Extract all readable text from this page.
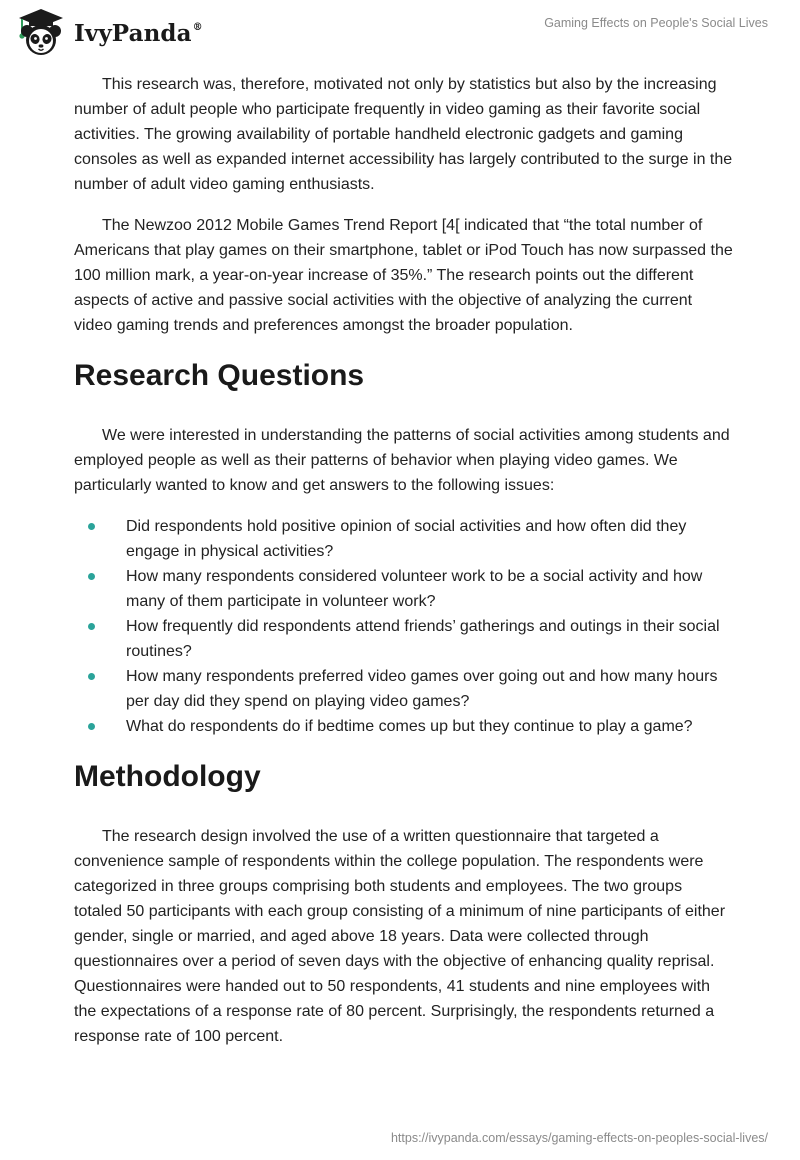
IvyPanda®	Gaming Effects on People's Social Lives

This research was, therefore, motivated not only by statistics but also by the increasing number of adult people who participate frequently in video gaming as their favorite social activities. The growing availability of portable handheld electronic gadgets and gaming consoles as well as expanded internet accessibility has largely contributed to the surge in the number of adult video gaming enthusiasts.

The Newzoo 2012 Mobile Games Trend Report [4[ indicated that “the total number of Americans that play games on their smartphone, tablet or iPod Touch has now surpassed the 100 million mark, a year-on-year increase of 35%.” The research points out the different aspects of active and passive social activities with the objective of analyzing the current video gaming trends and preferences amongst the broader population.

Research Questions

We were interested in understanding the patterns of social activities among students and employed people as well as their patterns of behavior when playing video games. We particularly wanted to know and get answers to the following issues:

Did respondents hold positive opinion of social activities and how often did they engage in physical activities?
How many respondents considered volunteer work to be a social activity and how many of them participate in volunteer work?
How frequently did respondents attend friends’ gatherings and outings in their social routines?
How many respondents preferred video games over going out and how many hours per day did they spend on playing video games?
What do respondents do if bedtime comes up but they continue to play a game?
Methodology

The research design involved the use of a written questionnaire that targeted a convenience sample of respondents within the college population. The respondents were categorized in three groups comprising both students and employees. The two groups totaled 50 participants with each group consisting of a minimum of nine participants of either gender, single or married, and aged above 18 years. Data were collected through questionnaires over a period of seven days with the objective of enhancing quality reprisal. Questionnaires were handed out to 50 respondents, 41 students and nine employees with the expectations of a response rate of 80 percent. Surprisingly, the respondents returned a response rate of 100 percent.

https://ivypanda.com/essays/gaming-effects-on-peoples-social-lives/
